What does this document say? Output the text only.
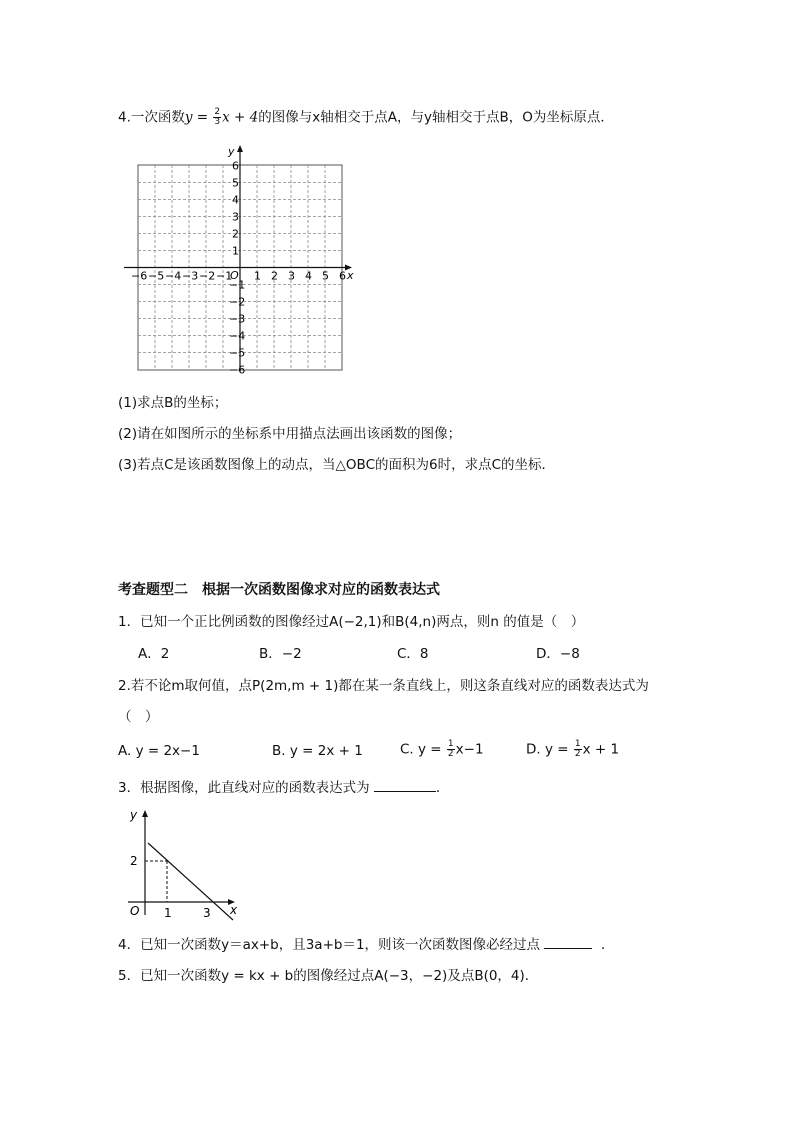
4.一次函数$y = \frac{2}{3}$ x + 4的图像与x轴相交于点A，与y轴相交于点B，O为坐标原点．
x
y
O
−6 −5 −4 −3 −2 −1 1 2 3 4 5 6
6
5
4
3
2
1
−1
−2
−3
−4
−5
−6
(1)求点B的坐标；
(2)请在如图所示的坐标系中用描点法画出该函数的图像；
(3)若点C是该函数图像上的动点，当△OBC的面积为6时，求点C的坐标．
考查题型二　根据一次函数图像求对应的函数表达式
1．已知一个正比例函数的图像经过A(−2,1)和B(4,n)两点，则n 的值是（　）
A．2	B．−2	C．8	D．−8
2.若不论m取何值，点P(2m,m + 1)都在某一条直线上，则这条直线对应的函数表达式为
（　）
A. y = 2x−1	B. y = 2x + 1	C. $y = \frac{1}{2} x-1$	D. $y = \frac{1}{2}$ x + 1
3．根据图像，此直线对应的函数表达式为	．
y
x
O
2
1	3
4．已知一次函数y＝ax+b，且3a+b＝1，则该一次函数图像必经过点	．
5．已知一次函数y = kx + b的图像经过点A(−3，−2)及点B(0，4)．
